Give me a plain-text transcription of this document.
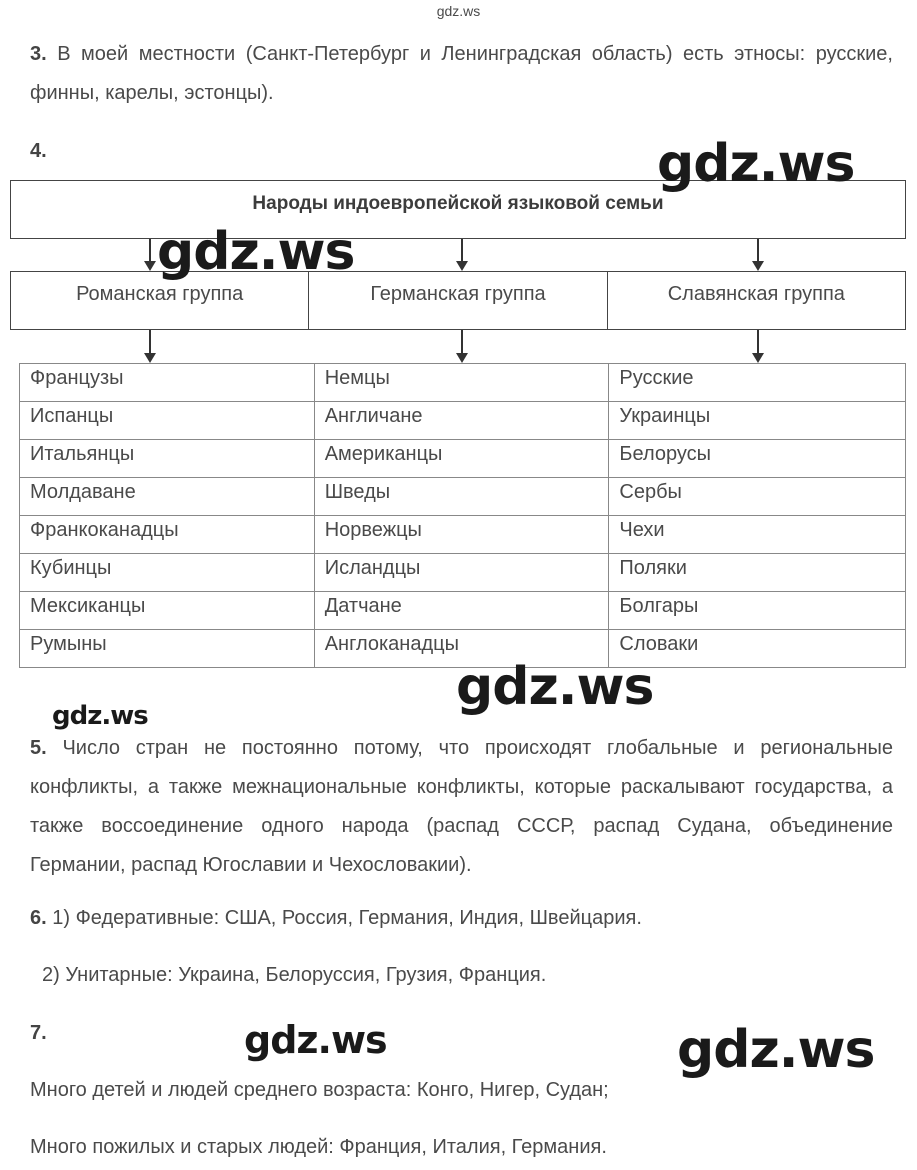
gdz.ws
3. В моей местности (Санкт-Петербург и Ленинградская область) есть этносы: русские, финны, карелы, эстонцы).
4.
Народы индоевропейской языковой семьи
Романская группа	Германская группа	Славянская группа
Французы	Немцы	Русские
Испанцы	Англичане	Украинцы
Итальянцы	Американцы	Белорусы
Молдаване	Шведы	Сербы
Франкоканадцы	Норвежцы	Чехи
Кубинцы	Исландцы	Поляки
Мексиканцы	Датчане	Болгары
Румыны	Англоканадцы	Словаки
5. Число стран не постоянно потому, что происходят глобальные и региональные конфликты, а также межнациональные конфликты, которые раскалывают государства, а также воссоединение одного народа (распад СССР, распад Судана, объединение Германии, распад Югославии и Чехословакии).
6. 1) Федеративные: США, Россия, Германия, Индия, Швейцария.
2) Унитарные: Украина, Белоруссия, Грузия, Франция.
7.
Много детей и людей среднего возраста: Конго, Нигер, Судан;
Много пожилых и старых людей: Франция, Италия, Германия.
gdz.ws
gdz.ws
gdz.ws
gdz.ws
gdz.ws	gdz.ws
